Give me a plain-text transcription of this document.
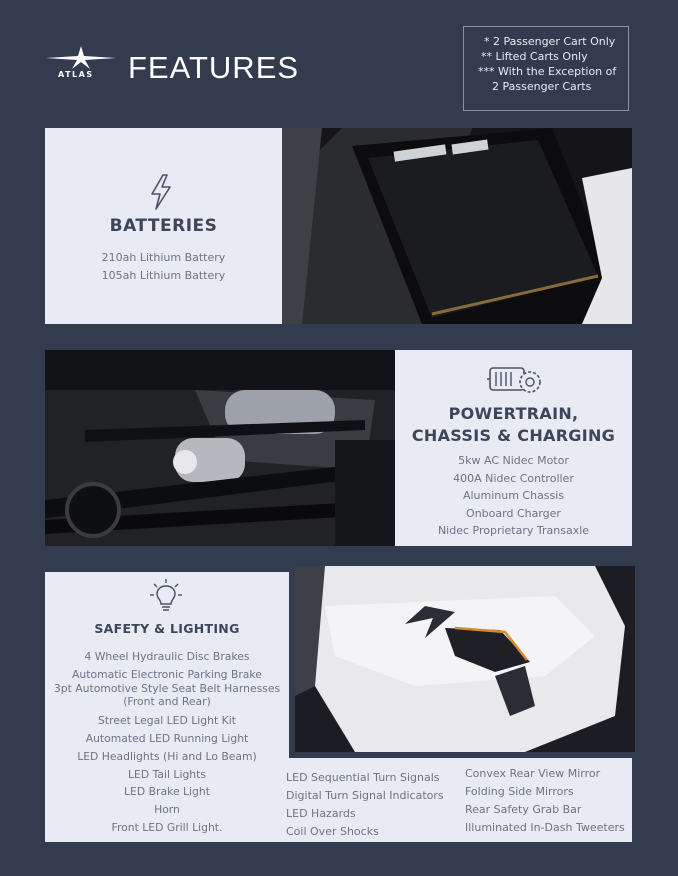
ATLAS FEATURES
* 2 Passenger Cart Only
** Lifted Carts Only
*** With the Exception of
2 Passenger Carts
BATTERIES
210ah Lithium Battery
105ah Lithium Battery
POWERTRAIN,
CHASSIS & CHARGING
5kw AC Nidec Motor
400A Nidec Controller
Aluminum Chassis
Onboard Charger
Nidec Proprietary Transaxle
SAFETY & LIGHTING
4 Wheel Hydraulic Disc Brakes
Automatic Electronic Parking Brake
3pt Automotive Style Seat Belt Harnesses
(Front and Rear)
Street Legal LED Light Kit
Automated LED Running Light
LED Headlights (Hi and Lo Beam)
LED Tail Lights
LED Brake Light
Horn
Front LED Grill Light.
LED Sequential Turn Signals
Digital Turn Signal Indicators
LED Hazards
Coil Over Shocks
Convex Rear View Mirror
Folding Side Mirrors
Rear Safety Grab Bar
Illuminated In-Dash Tweeters
